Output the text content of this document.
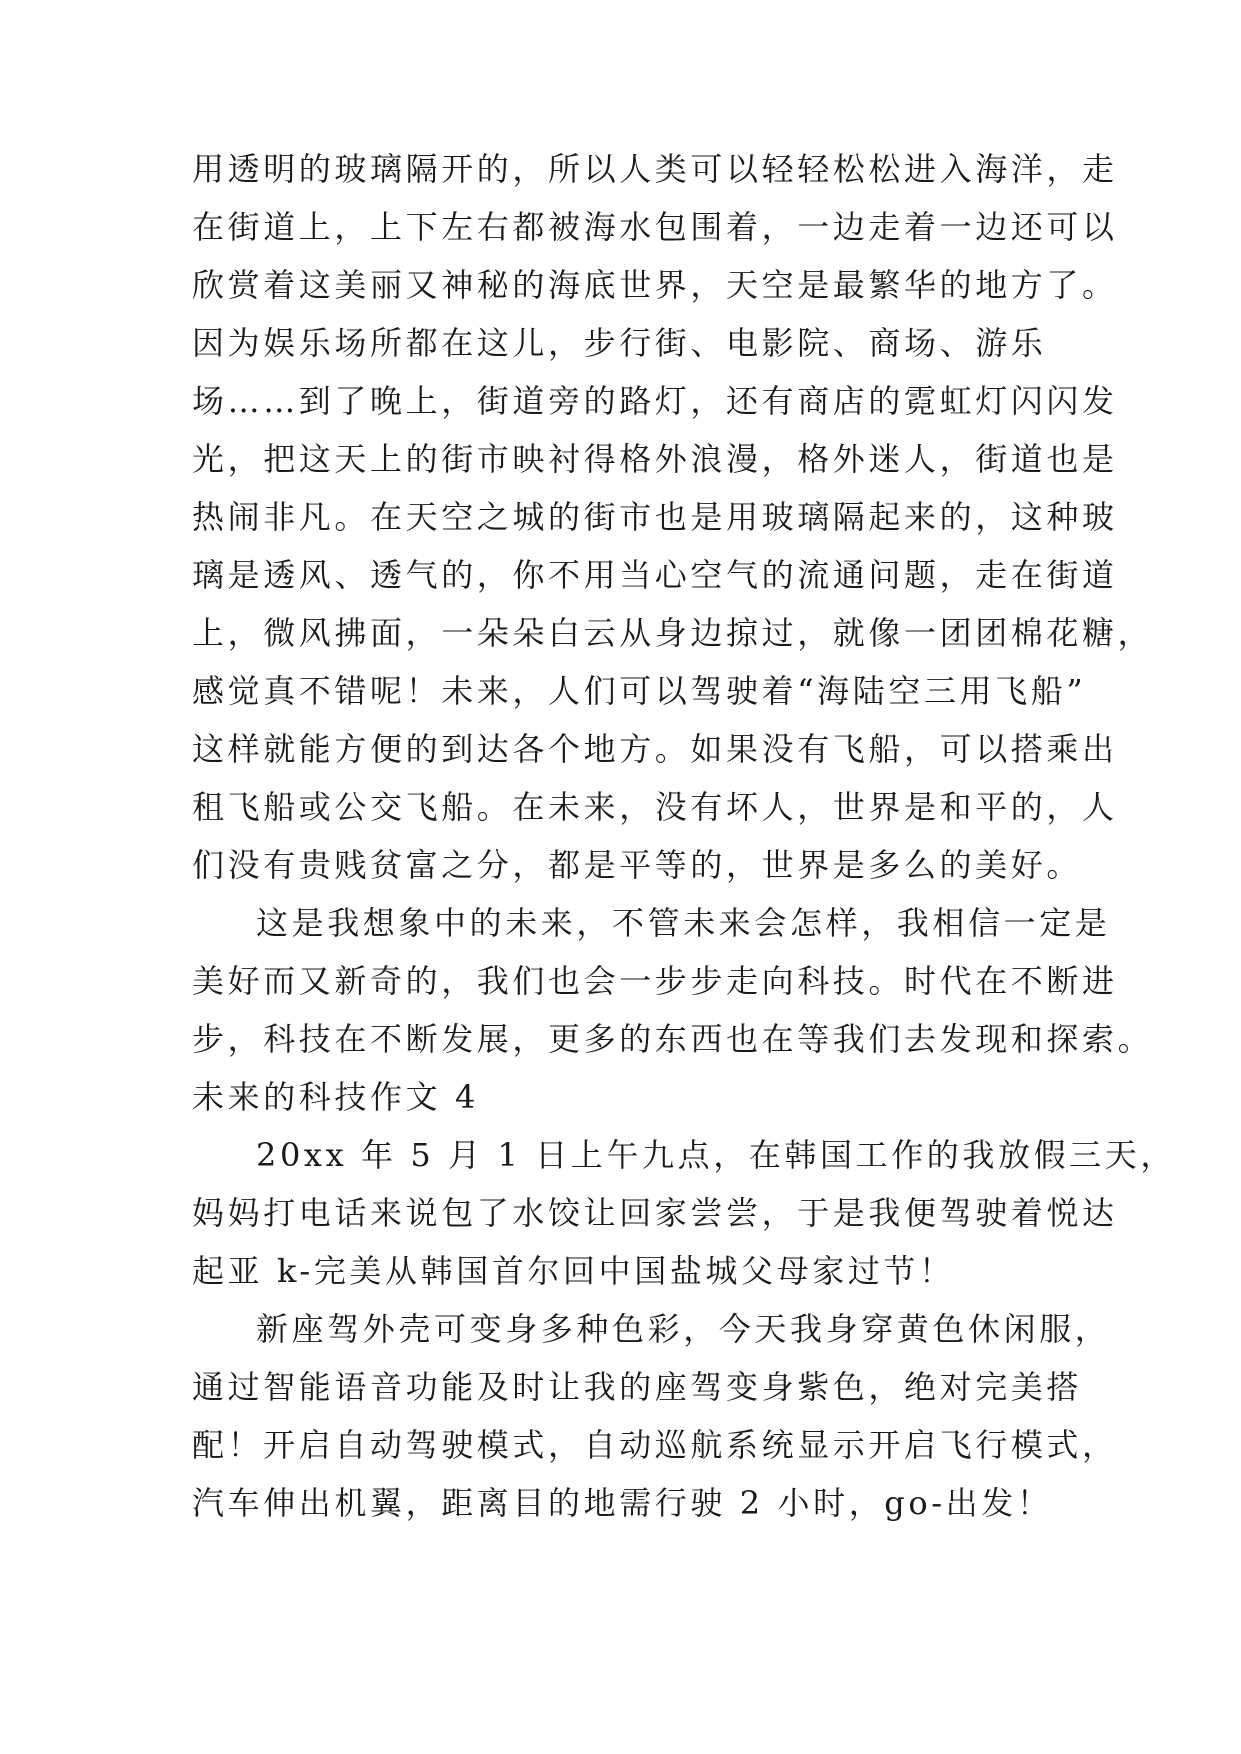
用透明的玻璃隔开的，所以人类可以轻轻松松进入海洋，走
在街道上，上下左右都被海水包围着，一边走着一边还可以
欣赏着这美丽又神秘的海底世界，天空是最繁华的地方了。
因为娱乐场所都在这儿，步行街、电影院、商场、游乐
场……到了晚上，街道旁的路灯，还有商店的霓虹灯闪闪发
光，把这天上的街市映衬得格外浪漫，格外迷人，街道也是
热闹非凡。在天空之城的街市也是用玻璃隔起来的，这种玻
璃是透风、透气的，你不用当心空气的流通问题，走在街道
上，微风拂面，一朵朵白云从身边掠过，就像一团团棉花糖，
感觉真不错呢！未来，人们可以驾驶着“海陆空三用飞船”
这样就能方便的到达各个地方。如果没有飞船，可以搭乘出
租飞船或公交飞船。在未来，没有坏人，世界是和平的，人
们没有贵贱贫富之分，都是平等的，世界是多么的美好。
这是我想象中的未来，不管未来会怎样，我相信一定是
美好而又新奇的，我们也会一步步走向科技。时代在不断进
步，科技在不断发展，更多的东西也在等我们去发现和探索。
未来的科技作文 4
20xx 年 5 月 1 日上午九点，在韩国工作的我放假三天，
妈妈打电话来说包了水饺让回家尝尝，于是我便驾驶着悦达
起亚 k-完美从韩国首尔回中国盐城父母家过节！
新座驾外壳可变身多种色彩，今天我身穿黄色休闲服，
通过智能语音功能及时让我的座驾变身紫色，绝对完美搭
配！开启自动驾驶模式，自动巡航系统显示开启飞行模式，
汽车伸出机翼，距离目的地需行驶 2 小时，go-出发！
